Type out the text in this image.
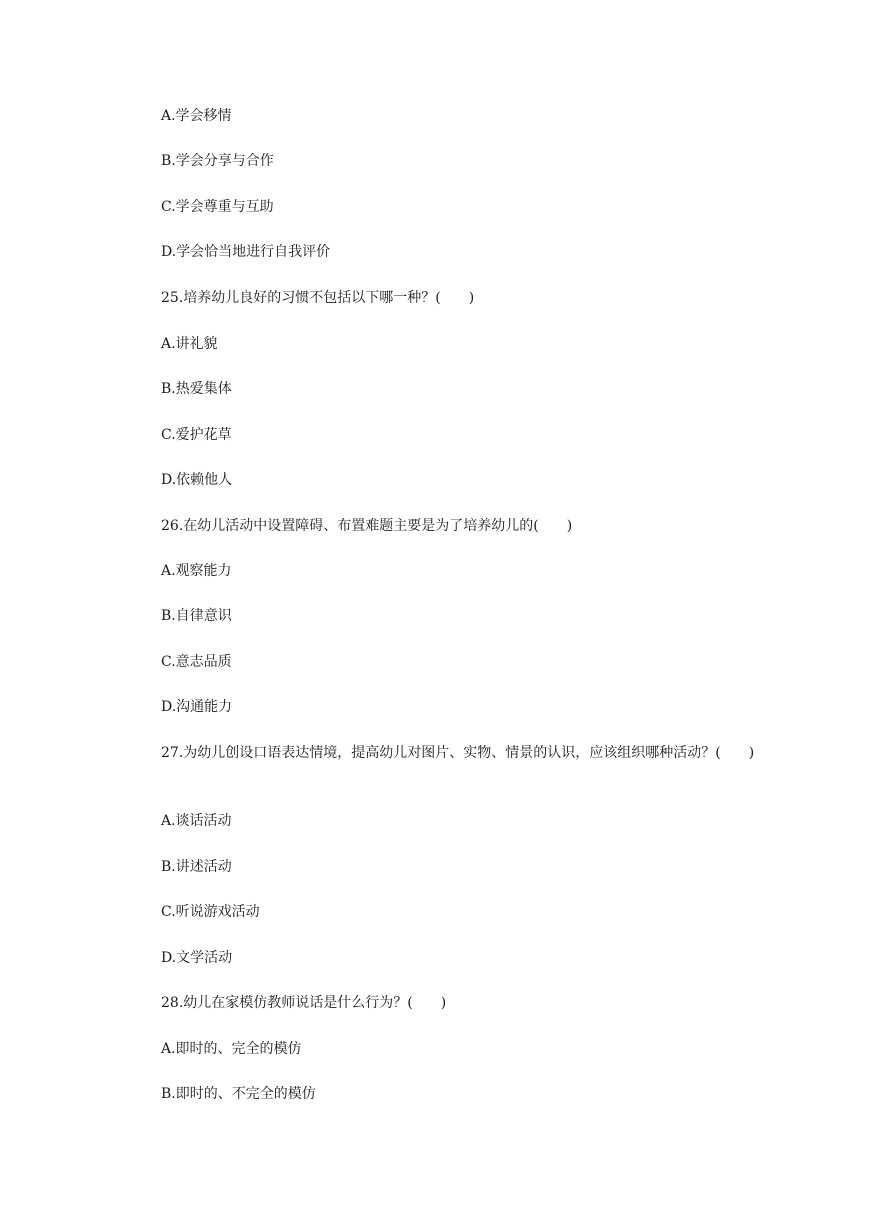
A.学会移情
B.学会分享与合作
C.学会尊重与互助
D.学会恰当地进行自我评价
25.培养幼儿良好的习惯不包括以下哪一种？(　　)
A.讲礼貌
B.热爱集体
C.爱护花草
D.依赖他人
26.在幼儿活动中设置障碍、布置难题主要是为了培养幼儿的(　　)
A.观察能力
B.自律意识
C.意志品质
D.沟通能力
27.为幼儿创设口语表达情境，提高幼儿对图片、实物、情景的认识，应该组织哪种活动？(　　)
A.谈话活动
B.讲述活动
C.听说游戏活动
D.文学活动
28.幼儿在家模仿教师说话是什么行为？(　　)
A.即时的、完全的模仿
B.即时的、不完全的模仿
